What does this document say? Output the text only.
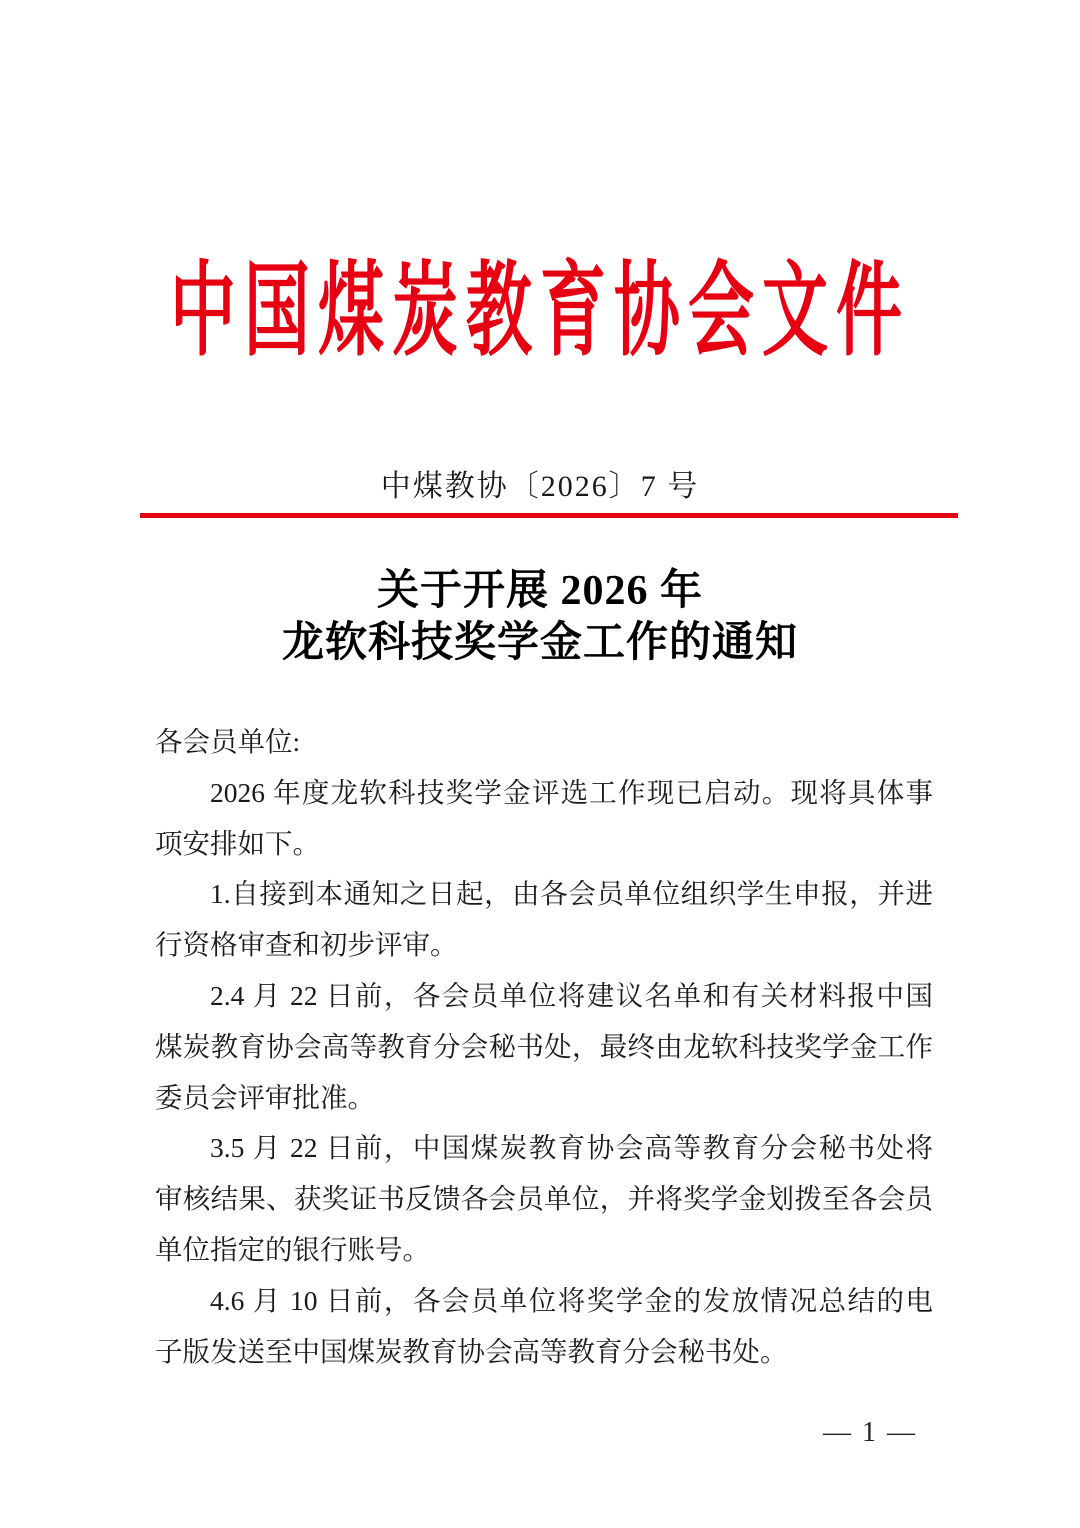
中国煤炭教育协会文件
中煤教协〔2026〕7 号
关于开展 2026 年
龙软科技奖学金工作的通知
各会员单位:
2026 年度龙软科技奖学金评选工作现已启动。现将具体事
项安排如下。
1.自接到本通知之日起，由各会员单位组织学生申报，并进
行资格审查和初步评审。
2.4 月 22 日前，各会员单位将建议名单和有关材料报中国
煤炭教育协会高等教育分会秘书处，最终由龙软科技奖学金工作
委员会评审批准。
3.5 月 22 日前，中国煤炭教育协会高等教育分会秘书处将
审核结果、获奖证书反馈各会员单位，并将奖学金划拨至各会员
单位指定的银行账号。
4.6 月 10 日前，各会员单位将奖学金的发放情况总结的电
子版发送至中国煤炭教育协会高等教育分会秘书处。
— 1 —
